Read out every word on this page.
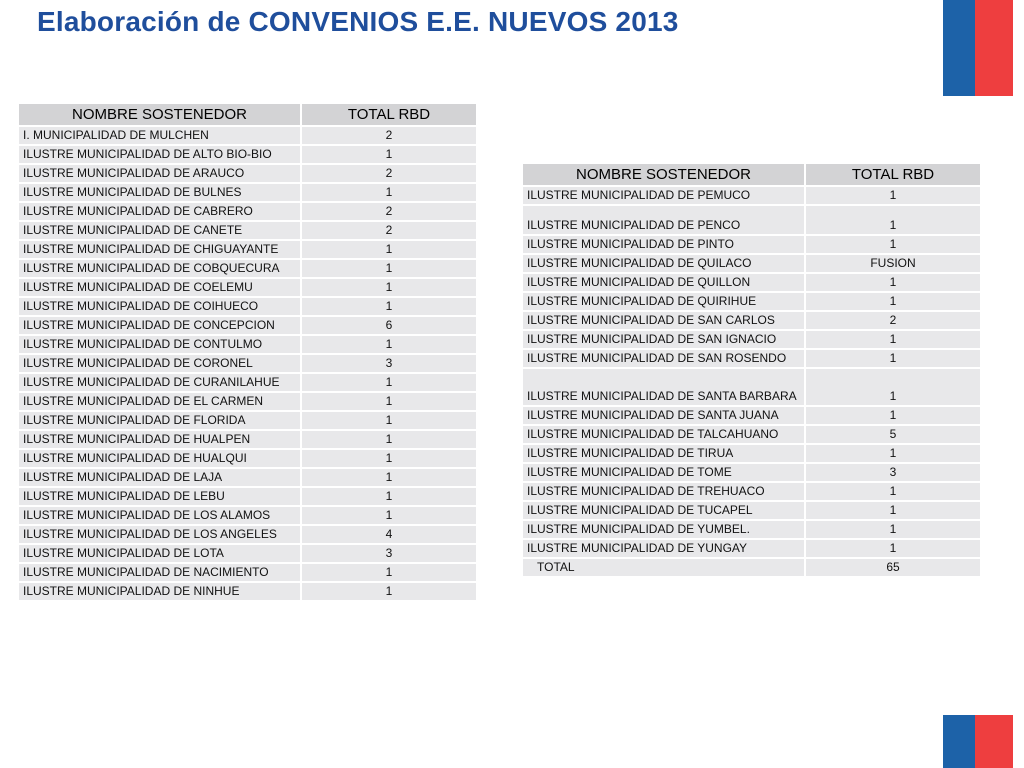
Elaboración de CONVENIOS E.E. NUEVOS 2013
NOMBRE SOSTENEDOR	TOTAL RBD
I. MUNICIPALIDAD DE MULCHEN	2
ILUSTRE MUNICIPALIDAD DE ALTO BIO-BIO	1
ILUSTRE MUNICIPALIDAD DE ARAUCO	2
ILUSTRE MUNICIPALIDAD DE BULNES	1
ILUSTRE MUNICIPALIDAD DE CABRERO	2
ILUSTRE MUNICIPALIDAD DE CANETE	2
ILUSTRE MUNICIPALIDAD DE CHIGUAYANTE	1
ILUSTRE MUNICIPALIDAD DE COBQUECURA	1
ILUSTRE MUNICIPALIDAD DE COELEMU	1
ILUSTRE MUNICIPALIDAD DE COIHUECO	1
ILUSTRE MUNICIPALIDAD DE CONCEPCION	6
ILUSTRE MUNICIPALIDAD DE CONTULMO	1
ILUSTRE MUNICIPALIDAD DE CORONEL	3
ILUSTRE MUNICIPALIDAD DE CURANILAHUE	1
ILUSTRE MUNICIPALIDAD DE EL CARMEN	1
ILUSTRE MUNICIPALIDAD DE FLORIDA	1
ILUSTRE MUNICIPALIDAD DE HUALPEN	1
ILUSTRE MUNICIPALIDAD DE HUALQUI	1
ILUSTRE MUNICIPALIDAD DE LAJA	1
ILUSTRE MUNICIPALIDAD DE LEBU	1
ILUSTRE MUNICIPALIDAD DE LOS ALAMOS	1
ILUSTRE MUNICIPALIDAD DE LOS ANGELES	4
ILUSTRE MUNICIPALIDAD DE LOTA	3
ILUSTRE MUNICIPALIDAD DE NACIMIENTO	1
ILUSTRE MUNICIPALIDAD DE NINHUE	1
NOMBRE SOSTENEDOR	TOTAL RBD
ILUSTRE MUNICIPALIDAD DE PEMUCO	1
ILUSTRE MUNICIPALIDAD DE PENCO	1
ILUSTRE MUNICIPALIDAD DE PINTO	1
ILUSTRE MUNICIPALIDAD DE QUILACO	FUSION
ILUSTRE MUNICIPALIDAD DE QUILLON	1
ILUSTRE MUNICIPALIDAD DE QUIRIHUE	1
ILUSTRE MUNICIPALIDAD DE SAN CARLOS	2
ILUSTRE MUNICIPALIDAD DE SAN IGNACIO	1
ILUSTRE MUNICIPALIDAD DE SAN ROSENDO	1
ILUSTRE MUNICIPALIDAD DE SANTA BARBARA	1
ILUSTRE MUNICIPALIDAD DE SANTA JUANA	1
ILUSTRE MUNICIPALIDAD DE TALCAHUANO	5
ILUSTRE MUNICIPALIDAD DE TIRUA	1
ILUSTRE MUNICIPALIDAD DE TOME	3
ILUSTRE MUNICIPALIDAD DE TREHUACO	1
ILUSTRE MUNICIPALIDAD DE TUCAPEL	1
ILUSTRE MUNICIPALIDAD DE YUMBEL.	1
ILUSTRE MUNICIPALIDAD DE YUNGAY	1
TOTAL	65
